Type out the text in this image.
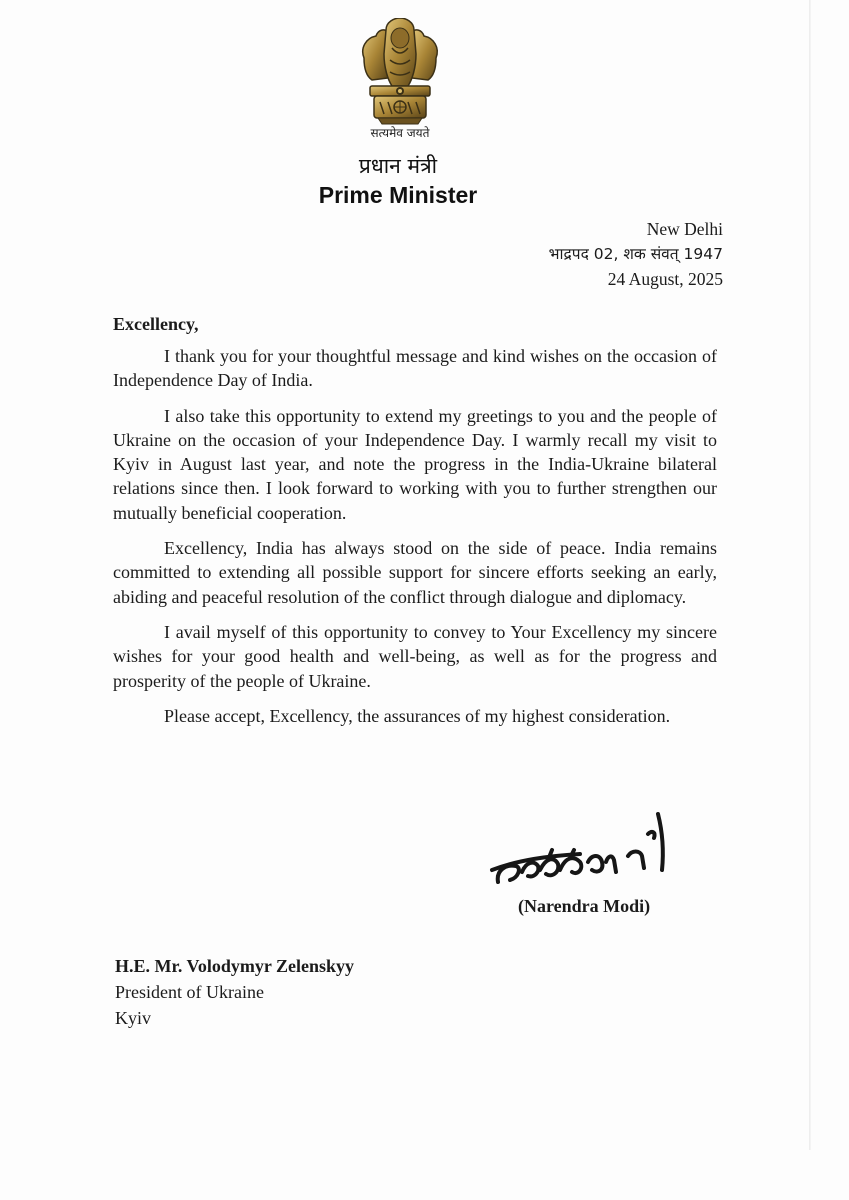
सत्यमेव जयते
प्रधान मंत्री
Prime Minister
New Delhi
भाद्रपद 02, शक संवत् 1947
24 August, 2025
Excellency,

I thank you for your thoughtful message and kind wishes on the occasion of Independence Day of India.

I also take this opportunity to extend my greetings to you and the people of Ukraine on the occasion of your Independence Day. I warmly recall my visit to Kyiv in August last year, and note the progress in the India-Ukraine bilateral relations since then. I look forward to working with you to further strengthen our mutually beneficial cooperation.

Excellency, India has always stood on the side of peace. India remains committed to extending all possible support for sincere efforts seeking an early, abiding and peaceful resolution of the conflict through dialogue and diplomacy.

I avail myself of this opportunity to convey to Your Excellency my sincere wishes for your good health and well-being, as well as for the progress and prosperity of the people of Ukraine.

Please accept, Excellency, the assurances of my highest consideration.

(Narendra Modi)
H.E. Mr. Volodymyr Zelenskyy
President of Ukraine
Kyiv
